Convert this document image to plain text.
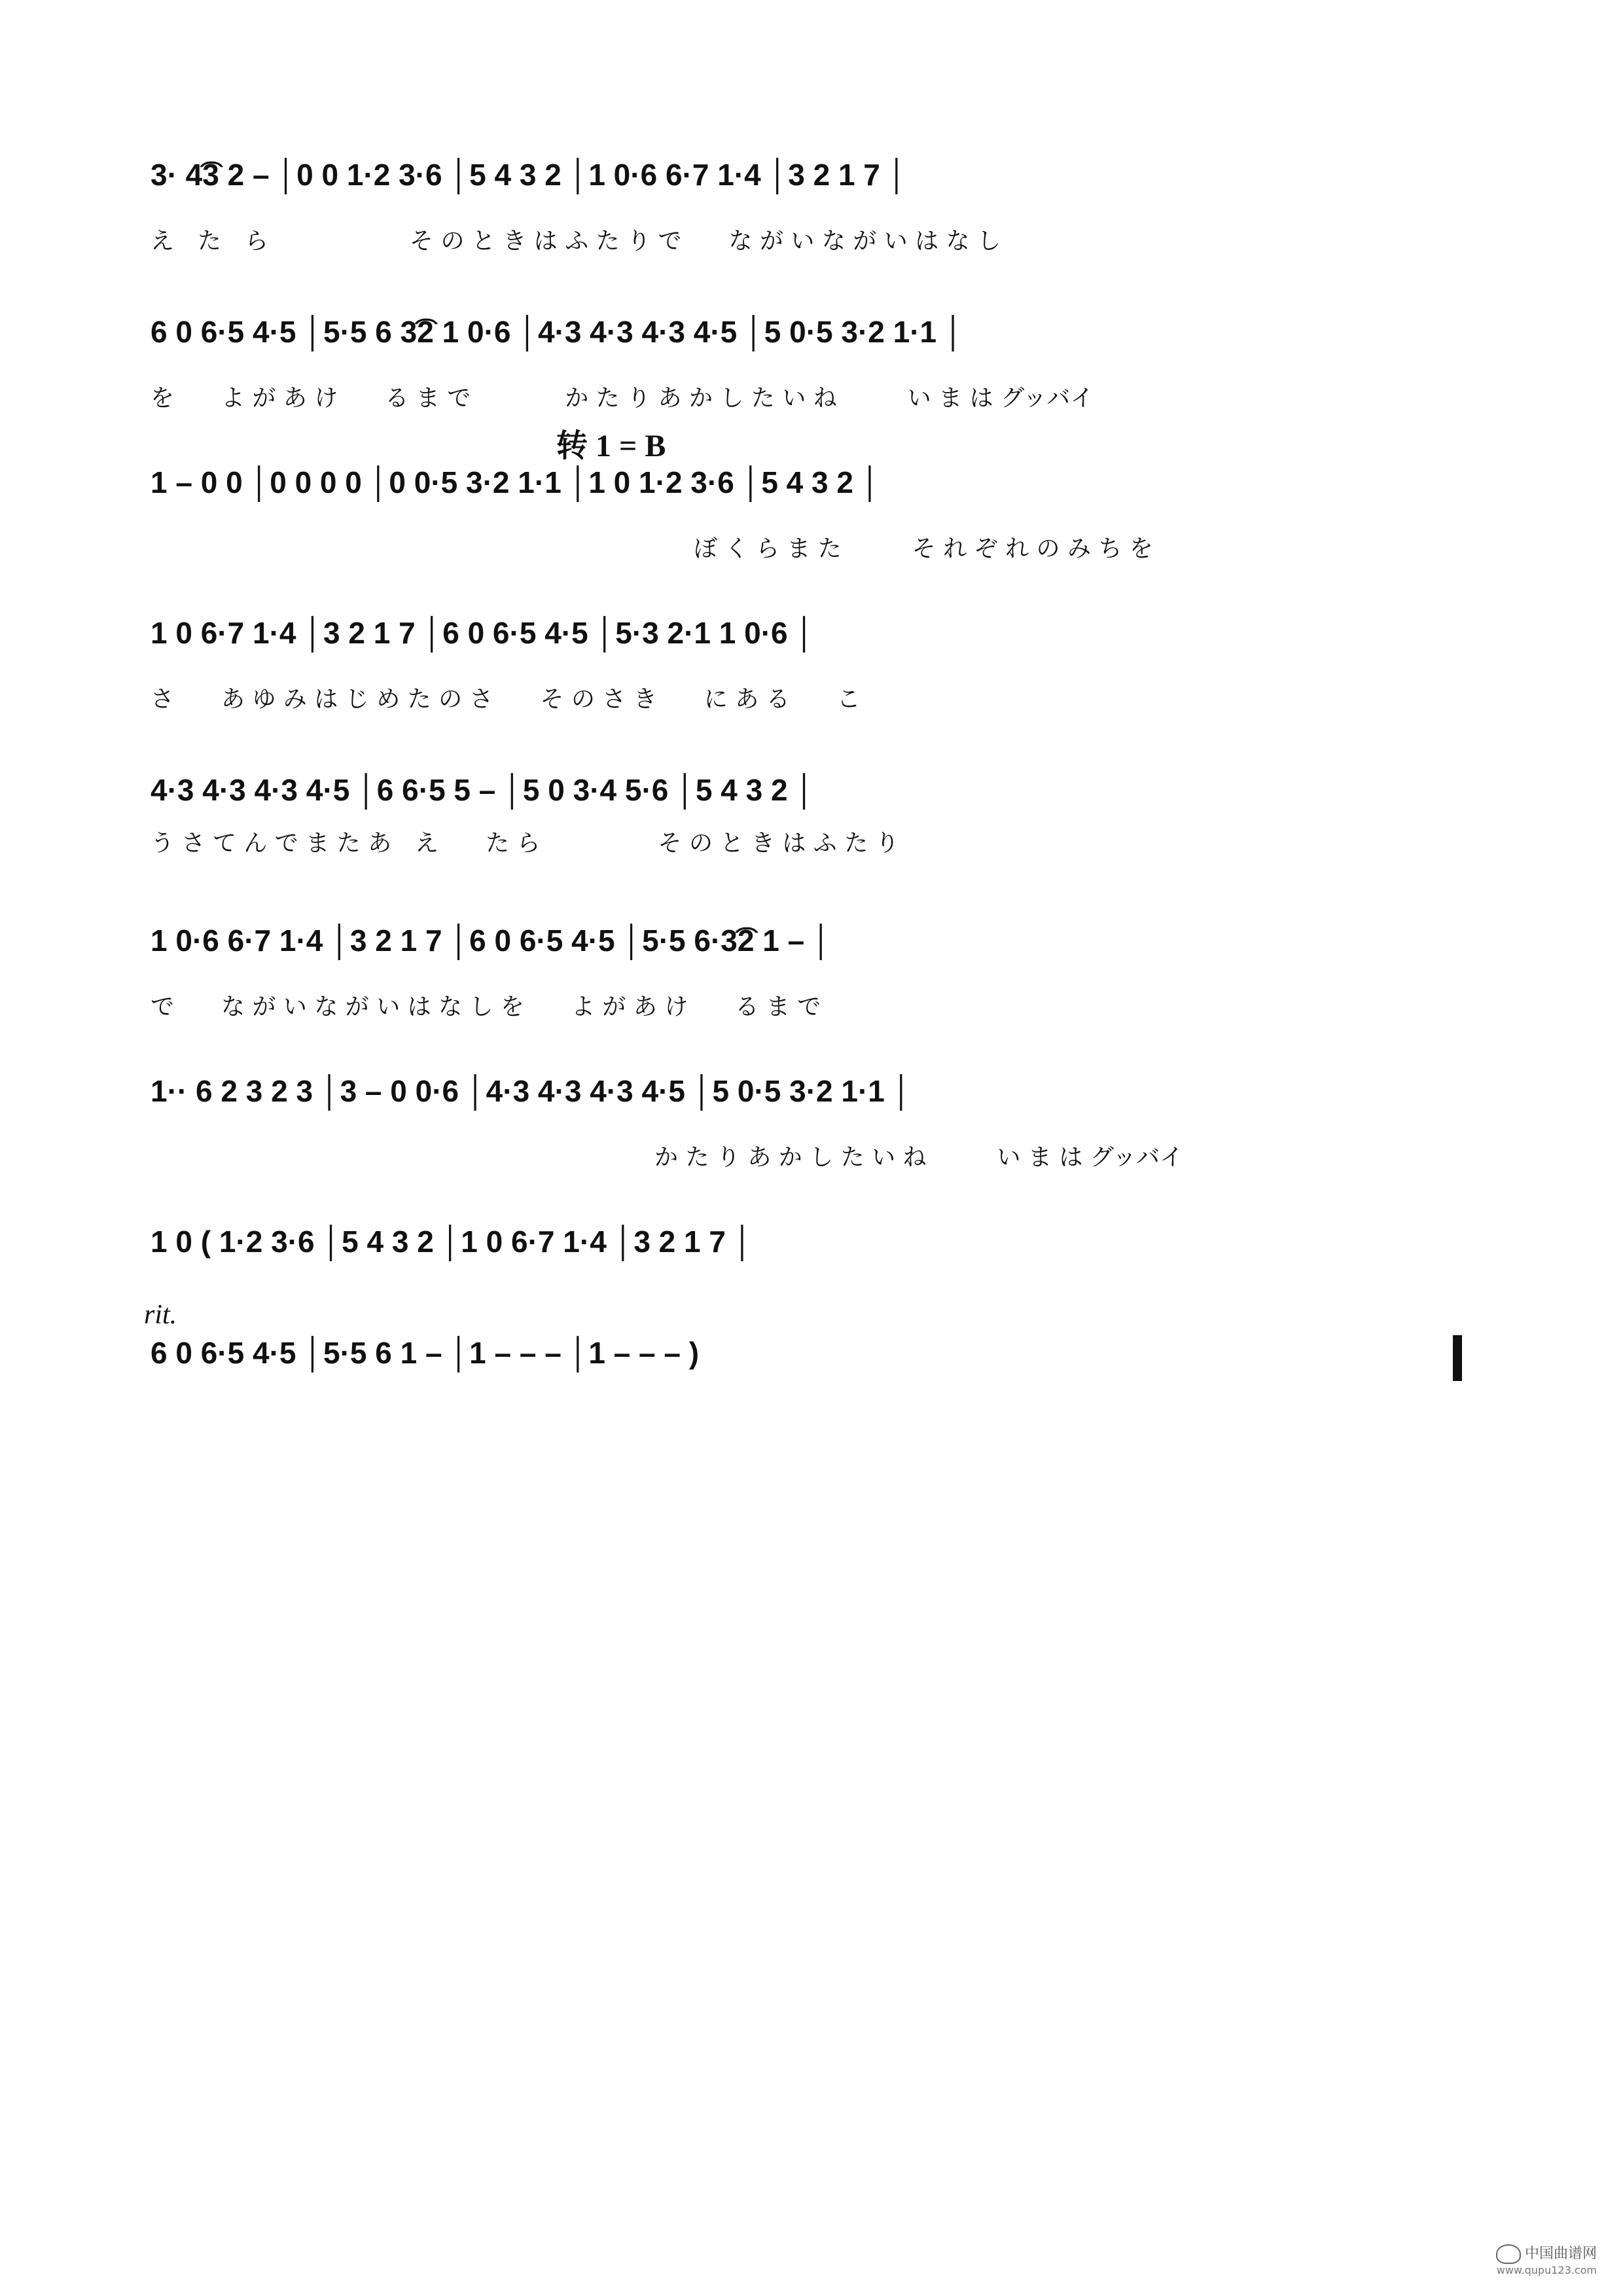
3· 4͡3 2 – │0 0 1·2 3·6 │5 4 3 2 │1 0·6 6·7 1·4 │3 2 1 7 │
え　た　ら　　　　　　そ の と き は ふ た り で　　な が い な が い は な し
6 0 6·5 4·5 │5·5 6 3͡2 1 0·6 │4·3 4·3 4·3 4·5 │5 0·5 3·2 1·1 │
を　　よ が あ け　　る ま で　　　　か た り あ か し た い ね　　　い ま は グッバイ
转 1 = B
1 – 0 0 │0 0 0 0 │0 0·5 3·2 1·1 │1 0 1·2 3·6 │5 4 3 2 │
ぼ く ら ま た　　　そ れ ぞ れ の み ち を
1 0 6·7 1·4 │3 2 1 7 │6 0 6·5 4·5 │5·3 2·1 1 0·6 │
さ　　あ ゆ み は じ め た の さ　　そ の さ き　　に あ る　　こ
4·3 4·3 4·3 4·5 │6 6·5 5 – │5 0 3·4 5·6 │5 4 3 2 │
う さ て ん で ま た あ　え　　た ら　　　　　そ の と き は ふ た り
1 0·6 6·7 1·4 │3 2 1 7 │6 0 6·5 4·5 │5·5 6·3͡2 1 – │
で　　な が い な が い は な し を　　よ が あ け　　る ま で
1·· 6 2 3 2 3 │3 – 0 0·6 │4·3 4·3 4·3 4·5 │5 0·5 3·2 1·1 │
か た り あ か し た い ね　　　い ま は グッバイ
1 0 ( 1·2 3·6 │5 4 3 2 │1 0 6·7 1·4 │3 2 1 7 │
rit.
6 0 6·5 4·5 │5·5 6 1 – │1 – – – │1 – – – )
中国曲谱网
www.qupu123.com
